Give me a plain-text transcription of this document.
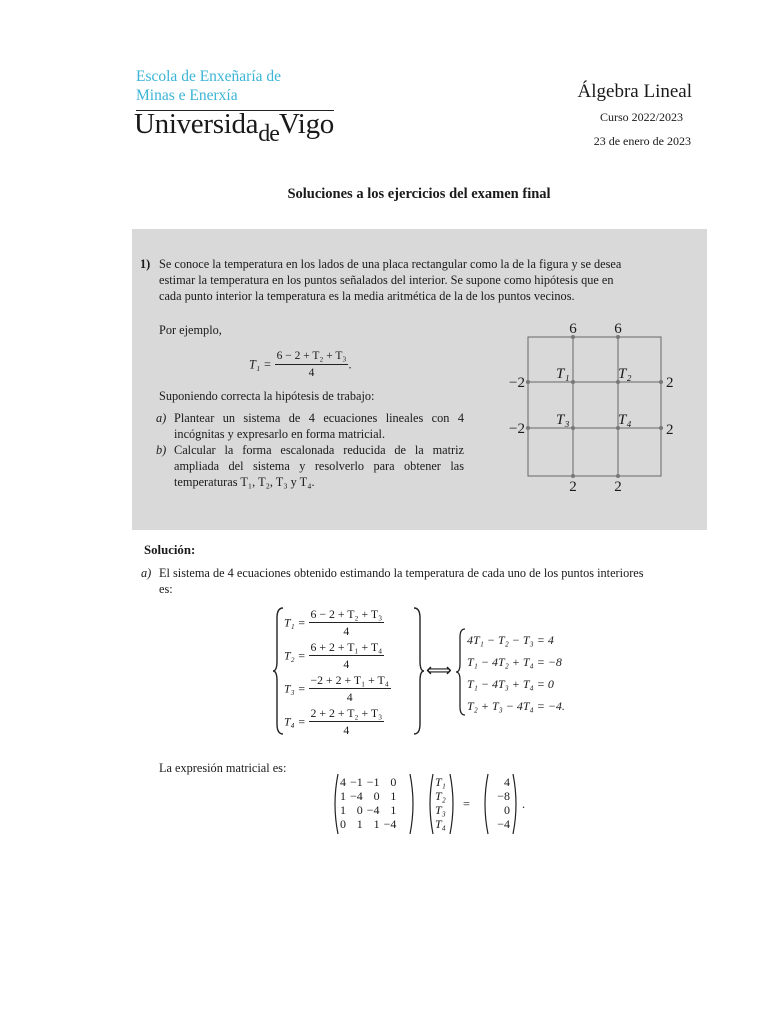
Escola de Enxeñaría de
Minas e Enerxía
Universida$_{de}$Vigo
Álgebra Lineal
Curso 2022/2023
23 de enero de 2023
Soluciones a los ejercicios del examen final
1) Se conoce la temperatura en los lados de una placa rectangular como la de la figura y se desea
estimar la temperatura en los puntos señalados del interior. Se supone como hipótesis que en
cada punto interior la temperatura es la media aritmética de la de los puntos vecinos.
Por ejemplo,
$T_1 = \frac{\text{6 − 2 + T₂ + T₃}}{4}$ .
Suponiendo correcta la hipótesis de trabajo:
a) Plantear un sistema de 4 ecuaciones lineales con 4
incógnitas y expresarlo en forma matricial.
b) Calcular la forma escalonada reducida de la matriz
ampliada del sistema y resolverlo para obtener las
temperaturas T₁, T₂, T₃ y T₄.
6	6
−2
−2
2
2
2	2
T₁	T₂
T₃	T₄
Solución:
a) El sistema de 4 ecuaciones obtenido estimando la temperatura de cada uno de los puntos interiores
es:
$T_1 = \frac{\text{6 − 2 + T₂ + T₃}}{4}$
$T_2 = \frac{\text{6 + 2 + T₁ + T₄}}{4}$
$T_3 = \frac{\text{−2 + 2 + T₁ + T₄}}{4}$
$T_4 = \frac{\text{2 + 2 + T₂ + T₃}}{4}$
⟺
4T₁ − T₂ − T₃ = 4
T₁ − 4T₂ + T₄ = −8
T₁ − 4T₃ + T₄ = 0
T₂ + T₃ − 4T₄ = −4.
La expresión matricial es:
4	−1	−1	0
1	−4	0	1
1	0	−4	1
0	1	1	−4
T₁
T₂
T₃
T₄
=
4
−8
0
−4
.
